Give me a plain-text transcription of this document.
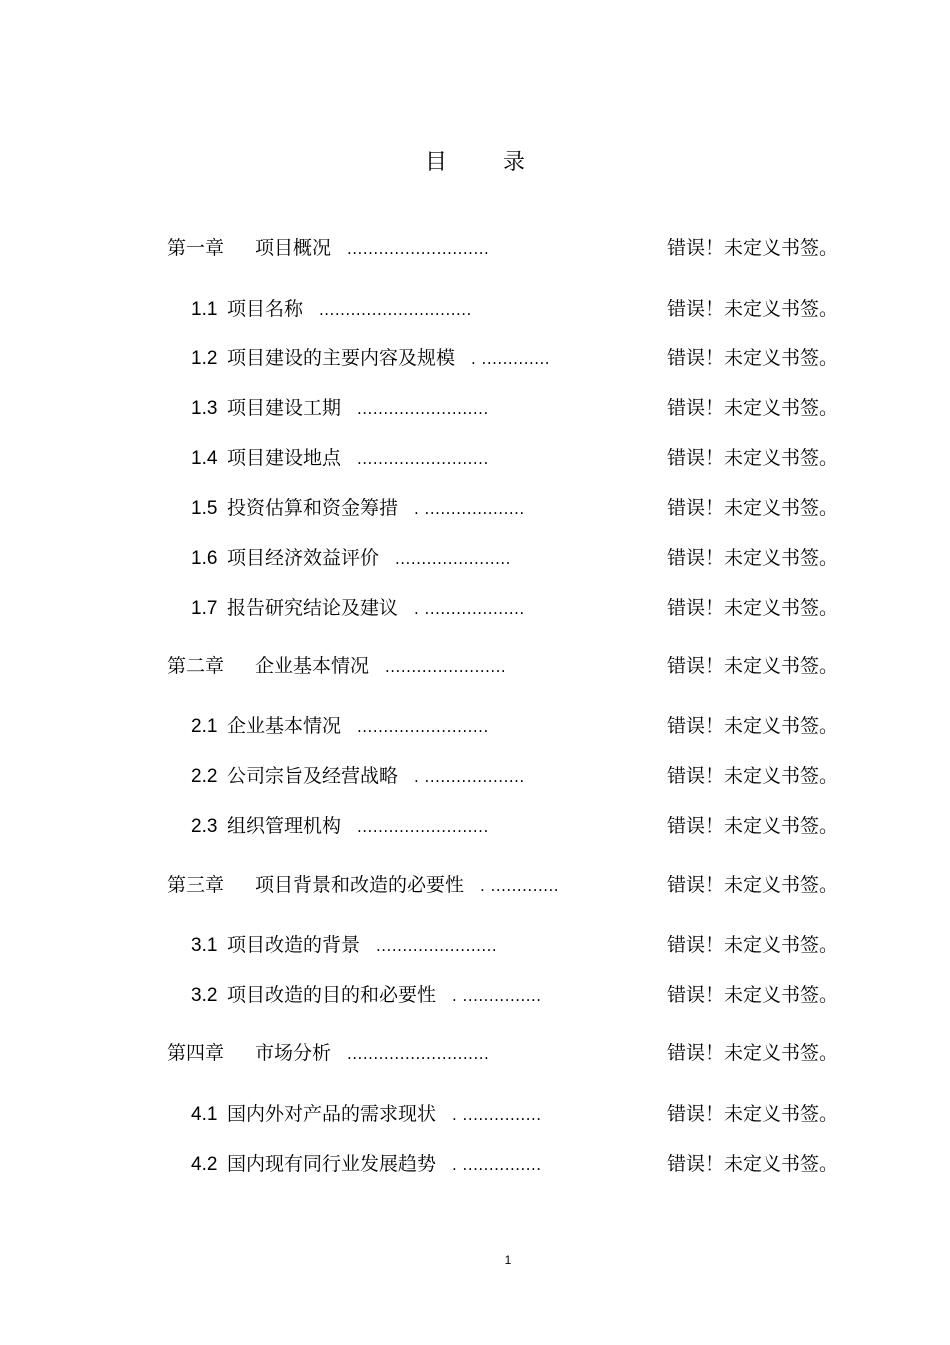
目录
第一章 项目概况 ...........................	错误！未定义书签。
1.1 项目名称 .............................	错误！未定义书签。
1.2 项目建设的主要内容及规模 . .............	错误！未定义书签。
1.3 项目建设工期 .........................	错误！未定义书签。
1.4 项目建设地点 .........................	错误！未定义书签。
1.5 投资估算和资金筹措 . ...................	错误！未定义书签。
1.6 项目经济效益评价 ......................	错误！未定义书签。
1.7 报告研究结论及建议 . ...................	错误！未定义书签。
第二章 企业基本情况 .......................	错误！未定义书签。
2.1 企业基本情况 .........................	错误！未定义书签。
2.2 公司宗旨及经营战略 . ...................	错误！未定义书签。
2.3 组织管理机构 .........................	错误！未定义书签。
第三章 项目背景和改造的必要性 . .............	错误！未定义书签。
3.1 项目改造的背景 .......................	错误！未定义书签。
3.2 项目改造的目的和必要性 . ...............	错误！未定义书签。
第四章 市场分析 ...........................	错误！未定义书签。
4.1 国内外对产品的需求现状 . ...............	错误！未定义书签。
4.2 国内现有同行业发展趋势 . ...............	错误！未定义书签。
1
